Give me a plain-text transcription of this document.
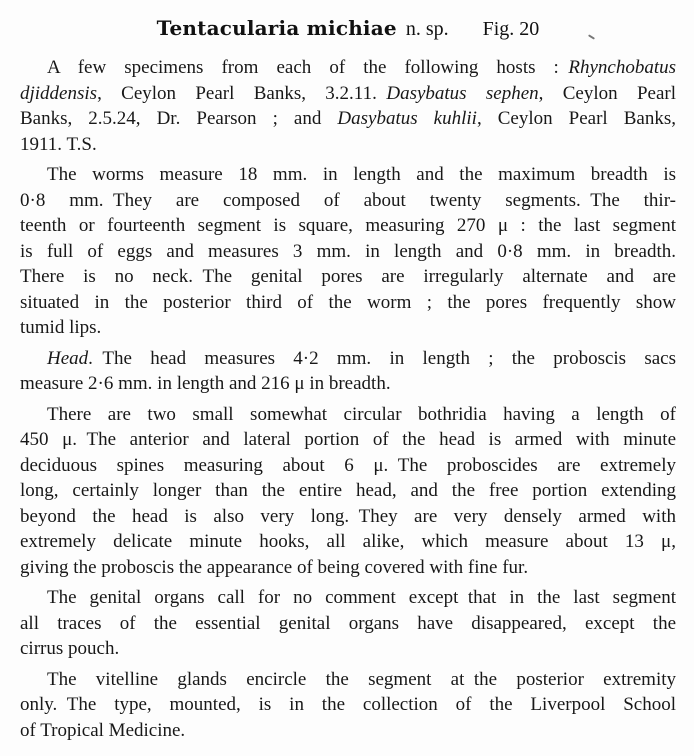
Tentacularia michiae n. sp. Fig. 20
A few specimens from each of the following hosts : Rhynchobatus
djiddensis, Ceylon Pearl Banks, 3.2.11. Dasybatus sephen, Ceylon Pearl
Banks, 2.5.24, Dr. Pearson ; and Dasybatus kuhlii, Ceylon Pearl Banks,
1911. T.S.
The worms measure 18 mm. in length and the maximum breadth is
0·8 mm. They are composed of about twenty segments. The thir-
teenth or fourteenth segment is square, measuring 270 μ : the last segment
is full of eggs and measures 3 mm. in length and 0·8 mm. in breadth.
There is no neck. The genital pores are irregularly alternate and are
situated in the posterior third of the worm ; the pores frequently show
tumid lips.
Head. The head measures 4·2 mm. in length ; the proboscis sacs
measure 2·6 mm. in length and 216 μ in breadth.
There are two small somewhat circular bothridia having a length of
450 μ. The anterior and lateral portion of the head is armed with minute
deciduous spines measuring about 6 μ. The proboscides are extremely
long, certainly longer than the entire head, and the free portion extending
beyond the head is also very long. They are very densely armed with
extremely delicate minute hooks, all alike, which measure about 13 μ,
giving the proboscis the appearance of being covered with fine fur.
The genital organs call for no comment except that in the last segment
all traces of the essential genital organs have disappeared, except the
cirrus pouch.
The vitelline glands encircle the segment at the posterior extremity
only. The type, mounted, is in the collection of the Liverpool School
of Tropical Medicine.
